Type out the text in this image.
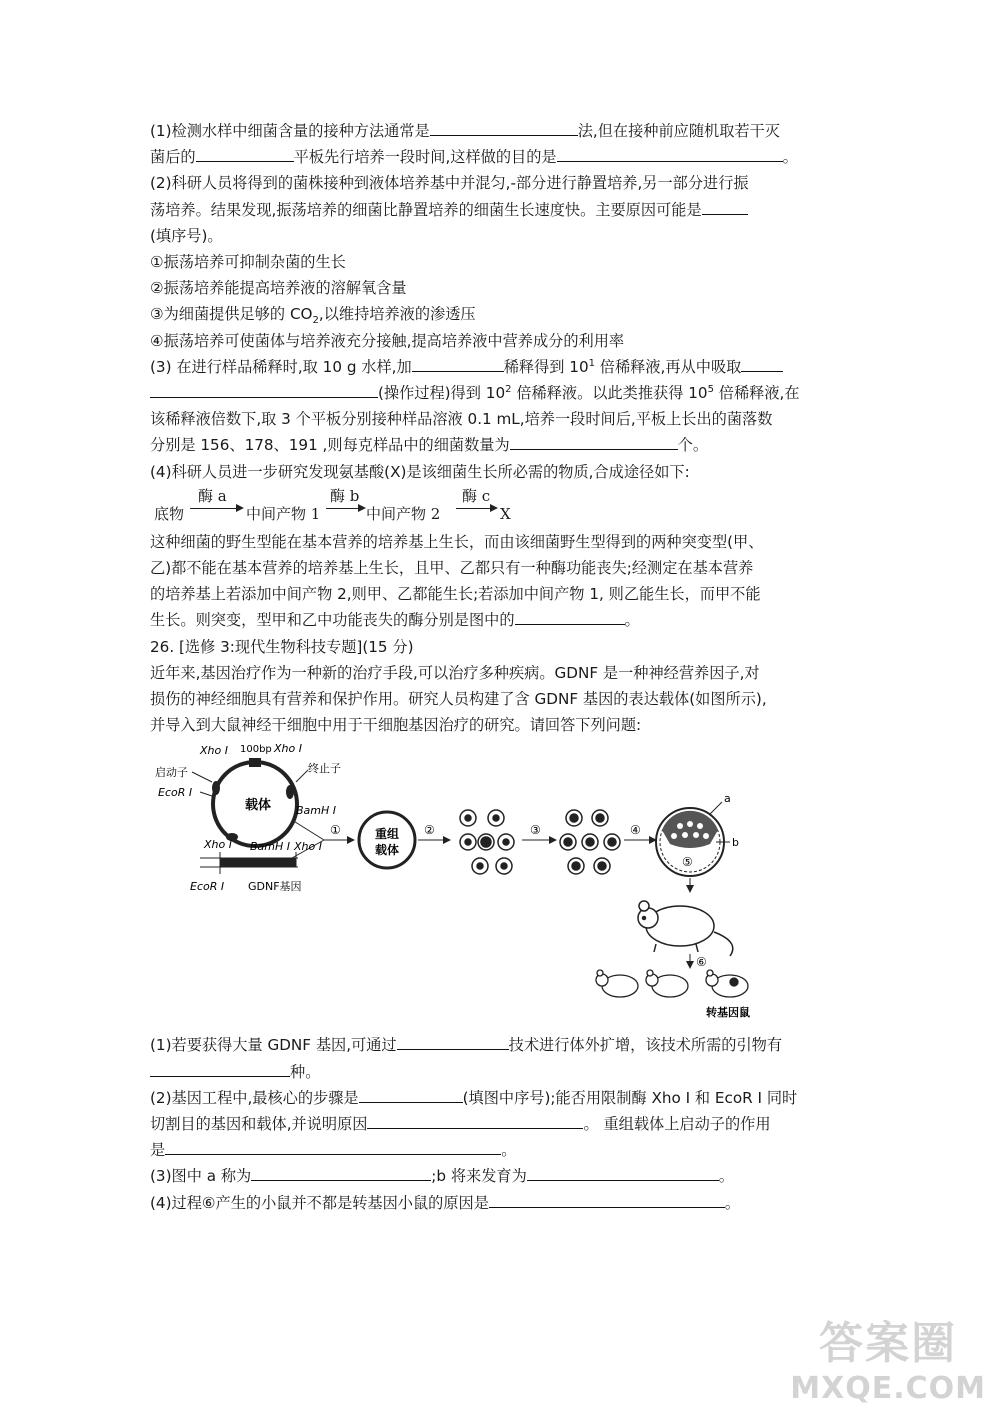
(1)检测水样中细菌含量的接种方法通常是	法,但在接种前应随机取若干灭

菌后的	平板先行培养一段时间,这样做的目的是	。

(2)科研人员将得到的菌株接种到液体培养基中并混匀,-部分进行静置培养,另一部分进行振

荡培养。结果发现,振荡培养的细菌比静置培养的细菌生长速度快。主要原因可能是

(填序号)。

①振荡培养可抑制杂菌的生长

②振荡培养能提高培养液的溶解氧含量

③为细菌提供足够的 $CO_2$,以维持培养液的渗透压

④振荡培养可使菌体与培养液充分接触,提高培养液中营养成分的利用率

(3) 在进行样品稀释时,取 10 g 水样,加	稀释得到 $10^1$ 倍稀释液,再从中吸取

(操作过程)得到 $10^2$ 倍稀释液。以此类推获得 $10^5$ 倍稀释液,在

该稀释液倍数下,取 3 个平板分别接种样品溶液 0.1 mL,培养一段时间后,平板上长出的菌落数

分别是 156、178、191 ,则每克样品中的细菌数量为	个。

(4)科研人员进一步研究发现氨基酸(X)是该细菌生长所必需的物质,合成途径如下:

底物
酶 a
中间产物 1
酶 b
中间产物 2
酶 c
X

这种细菌的野生型能在基本营养的培养基上生长，而由该细菌野生型得到的两种突变型(甲、

乙)都不能在基本营养的培养基上生长，且甲、乙都只有一种酶功能丧失;经测定在基本营养

的培养基上若添加中间产物 2,则甲、乙都能生长;若添加中间产物 1, 则乙能生长，而甲不能

生长。则突变，型甲和乙中功能丧失的酶分别是图中的	。

26. [选修 3:现代生物科技专题](15 分)

近年来,基因治疗作为一种新的治疗手段,可以治疗多种疾病。GDNF 是一种神经营养因子,对

损伤的神经细胞具有营养和保护作用。研究人员构建了含 GDNF 基因的表达载体(如图所示),

并导入到大鼠神经干细胞中用于干细胞基因治疗的研究。请回答下列问题:

载体
Xho Ⅰ 100bp Xho Ⅰ
启动子	终止子
EcoR Ⅰ
BamH Ⅰ
①	重组
载体
Xho Ⅰ BamH Ⅰ Xho Ⅰ
EcoR Ⅰ GDNF基因
②	③	④
a
b
⑤
⑥
转基因鼠

(1)若要获得大量 GDNF 基因,可通过	技术进行体外扩增，该技术所需的引物有

种。

(2)基因工程中,最核心的步骤是	(填图中序号);能否用限制酶 Xho I 和 EcoR I 同时

切割目的基因和载体,并说明原因	。 重组载体上启动子的作用

是	。

(3)图中 a 称为	;b 将来发育为	。

(4)过程⑥产生的小鼠并不都是转基因小鼠的原因是	。

答案圈
MXQE.COM
